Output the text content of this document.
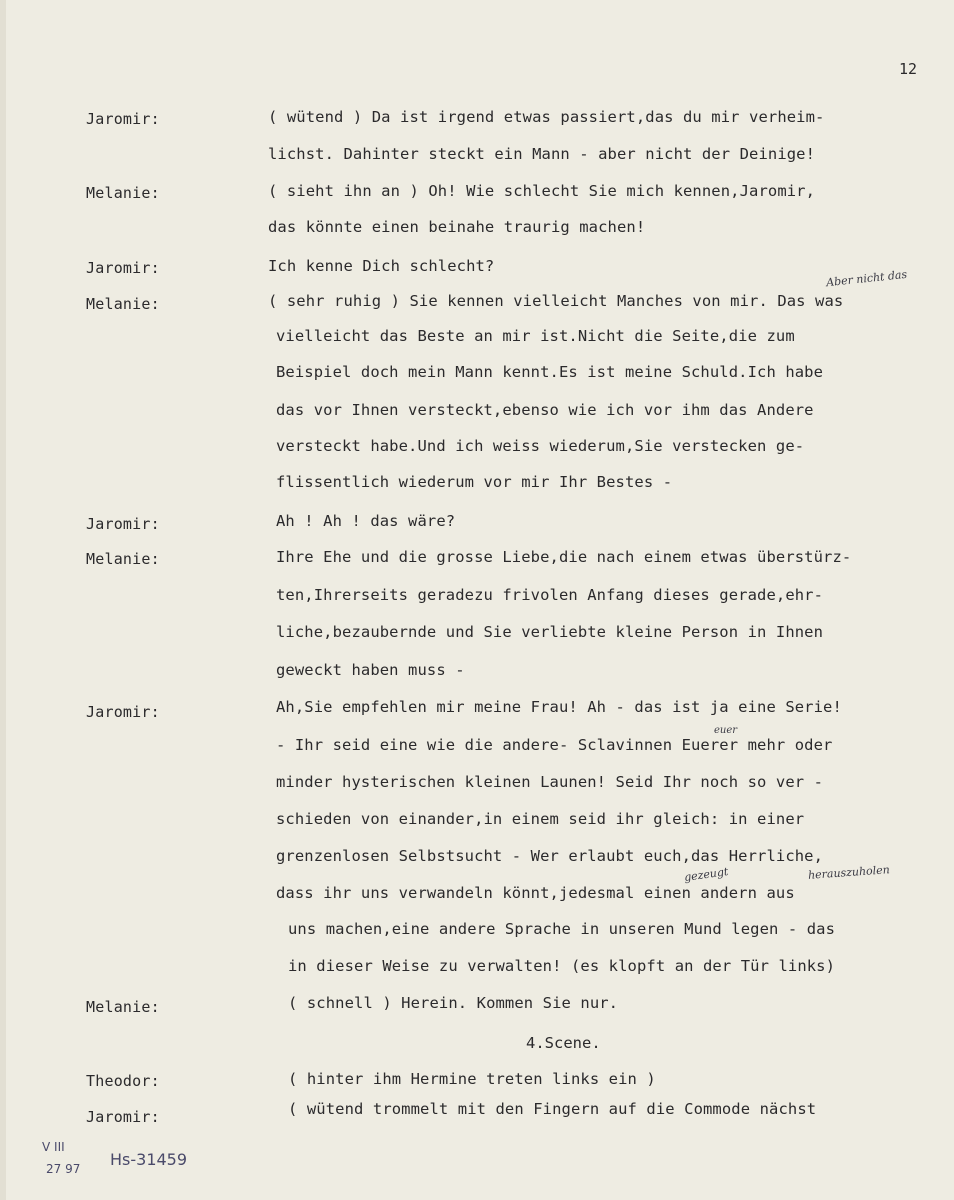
12
Jaromir:
Melanie:
Jaromir:
Melanie:
Jaromir:
Melanie:
Jaromir:
Melanie:
Theodor:
Jaromir:
( wütend ) Da ist irgend etwas passiert,das du mir verheim-
lichst. Dahinter steckt ein Mann - aber nicht der Deinige!
( sieht ihn an ) Oh! Wie schlecht Sie mich kennen,Jaromir,
das könnte einen beinahe traurig machen!
Ich kenne Dich schlecht?
( sehr ruhig ) Sie kennen vielleicht Manches von mir. Das was
vielleicht das Beste an mir ist.Nicht die Seite,die zum
Beispiel doch mein Mann kennt.Es ist meine Schuld.Ich habe
das vor Ihnen versteckt,ebenso wie ich vor ihm das Andere
versteckt habe.Und ich weiss wiederum,Sie verstecken ge-
flissentlich wiederum vor mir Ihr Bestes -
Ah ! Ah ! das wäre?
Ihre Ehe und die grosse Liebe,die nach einem etwas überstürz-
ten,Ihrerseits geradezu frivolen Anfang dieses gerade,ehr-
liche,bezaubernde und Sie verliebte kleine Person in Ihnen
geweckt haben muss -
Ah,Sie empfehlen mir meine Frau! Ah - das ist ja eine Serie!
- Ihr seid eine wie die andere- Sclavinnen Euerer mehr oder
minder hysterischen kleinen Launen! Seid Ihr noch so ver -
schieden von einander,in einem seid ihr gleich: in einer
grenzenlosen Selbstsucht - Wer erlaubt euch,das Herrliche,
dass ihr uns verwandeln könnt,jedesmal einen andern aus
uns machen,eine andere Sprache in unseren Mund legen - das
in dieser Weise zu verwalten! (es klopft an der Tür links)
( schnell ) Herein. Kommen Sie nur.
4.Scene.
( hinter ihm Hermine treten links ein )
( wütend trommelt mit den Fingern auf die Commode nächst
Aber nicht das
euer
gezeugt	herauszuholen
V III
27 97 Hs-31459
